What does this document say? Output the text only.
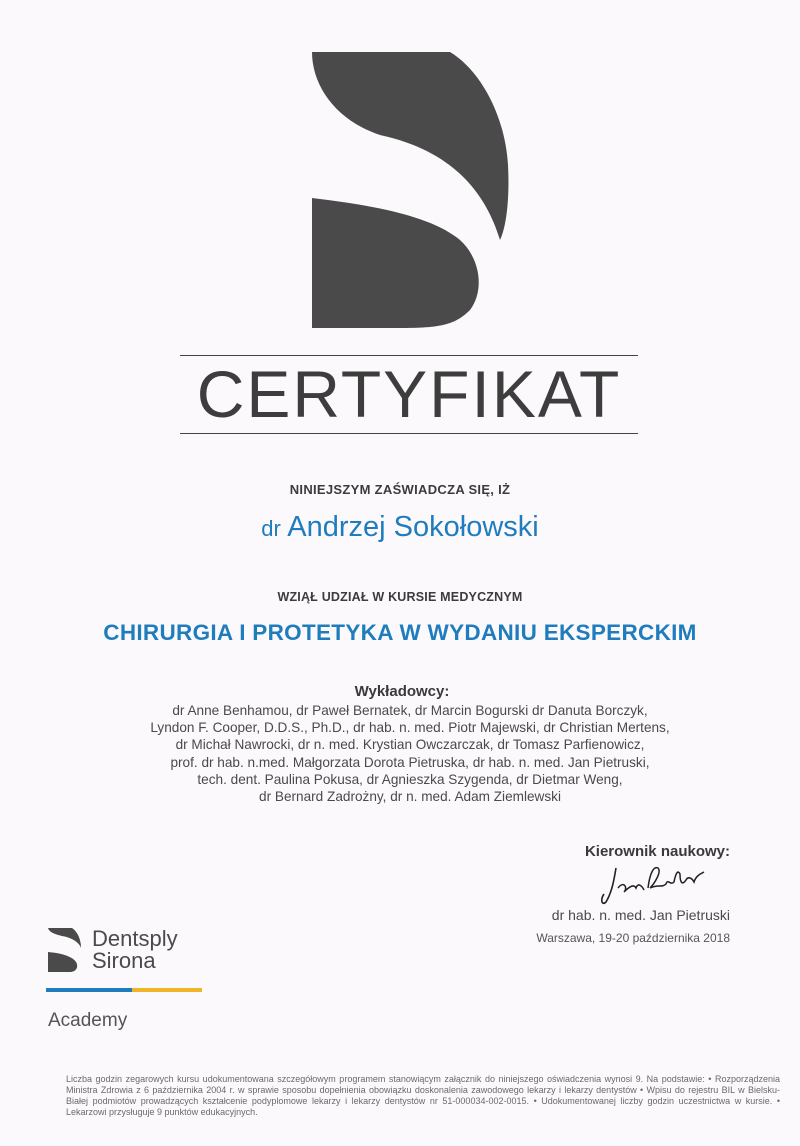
CERTYFIKAT
NINIEJSZYM ZAŚWIADCZA SIĘ, IŻ
dr Andrzej Sokołowski
WZIĄŁ UDZIAŁ W KURSIE MEDYCZNYM
CHIRURGIA I PROTETYKA W WYDANIU EKSPERCKIM
Wykładowcy:
dr Anne Benhamou, dr Paweł Bernatek, dr Marcin Bogurski dr Danuta Borczyk,
Lyndon F. Cooper, D.D.S., Ph.D., dr hab. n. med. Piotr Majewski, dr Christian Mertens,
dr Michał Nawrocki, dr n. med. Krystian Owczarczak, dr Tomasz Parfienowicz,
prof. dr hab. n.med. Małgorzata Dorota Pietruska, dr hab. n. med. Jan Pietruski,
tech. dent. Paulina Pokusa, dr Agnieszka Szygenda, dr Dietmar Weng,
dr Bernard Zadrożny, dr n. med. Adam Ziemlewski
Kierownik naukowy:
dr hab. n. med. Jan Pietruski
Warszawa, 19-20 października 2018
Dentsply
Sirona
Academy
Liczba godzin zegarowych kursu udokumentowana szczegółowym programem stanowiącym załącznik do niniejszego oświadczenia wynosi 9. Na podstawie: • Rozporządzenia Ministra Zdrowia z 6 października 2004 r. w sprawie sposobu dopełnienia obowiązku doskonalenia zawodowego lekarzy i lekarzy dentystów • Wpisu do rejestru BIL w Bielsku-Białej podmiotów prowadzących kształcenie podyplomowe lekarzy i lekarzy dentystów nr 51-000034-002-0015. • Udokumentowanej liczby godzin uczestnictwa w kursie. • Lekarzowi przysługuje 9 punktów edukacyjnych.
